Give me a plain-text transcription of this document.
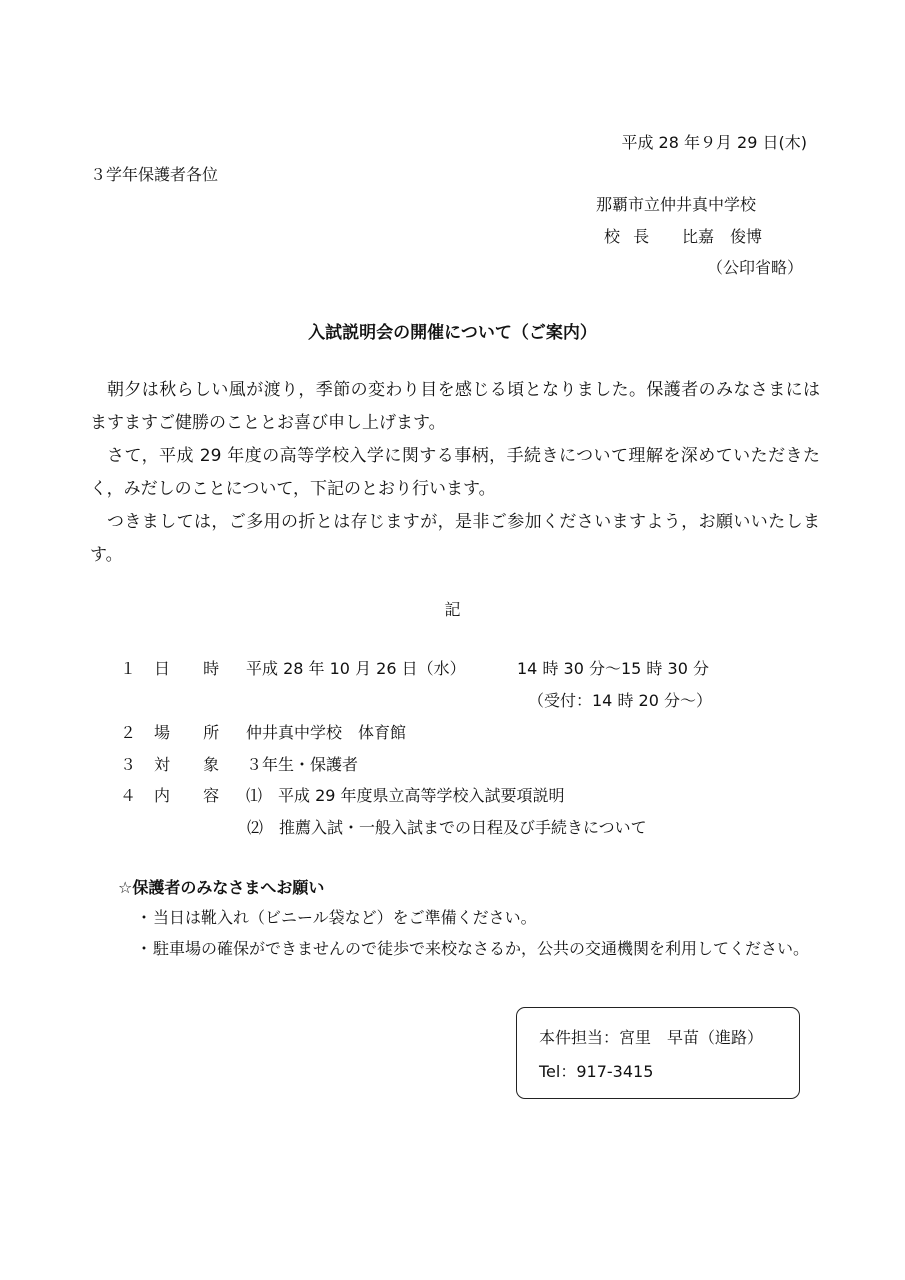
平成 28 年９月 29 日(木)
３学年保護者各位
那覇市立仲井真中学校
校 長 比嘉　俊博
（公印省略）
入試説明会の開催について（ご案内）

朝夕は秋らしい風が渡り，季節の変わり目を感じる頃となりました。保護者のみなさまにはますますご健勝のこととお喜び申し上げます。

さて，平成 29 年度の高等学校入学に関する事柄，手続きについて理解を深めていただきたく，みだしのことについて，下記のとおり行います。

つきましては，ご多用の折とは存じますが，是非ご参加くださいますよう，お願いいたします。

記
１ 日 時 平成 28 年 10 月 26 日（水）	14 時 30 分～15 時 30 分
（受付：14 時 20 分～）
２ 場 所 仲井真中学校　体育館
３ 対 象 ３年生・保護者
４ 内 容 ⑴ 平成 29 年度県立高等学校入試要項説明
⑵ 推薦入試・一般入試までの日程及び手続きについて
☆保護者のみなさまへお願い
・ 当日は靴入れ（ビニール袋など）をご準備ください。
・ 駐車場の確保ができませんので徒歩で来校なさるか，公共の交通機関を利用してください。
本件担当：宮里　早苗（進路）
Tel：917-3415
